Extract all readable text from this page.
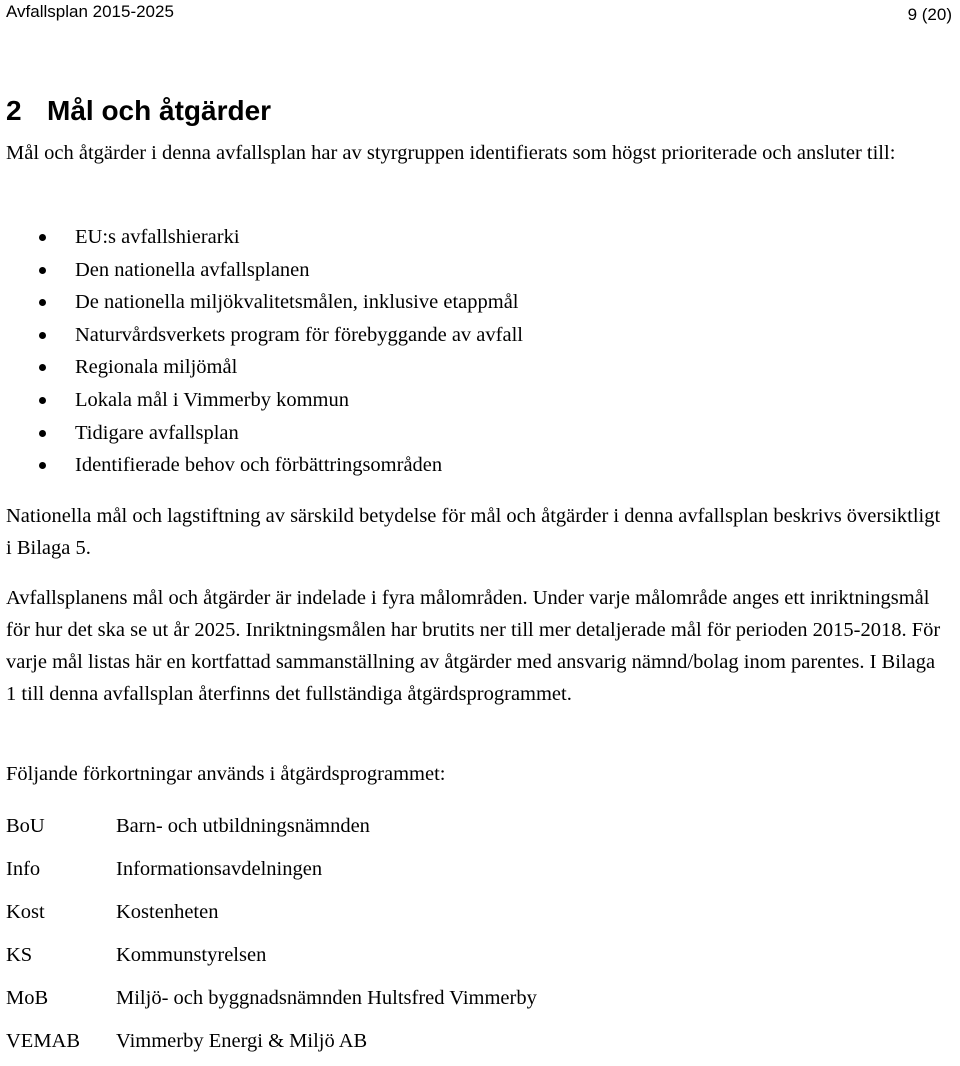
Avfallsplan 2015-2025	9 (20)
2 Mål och åtgärder

Mål och åtgärder i denna avfallsplan har av styrgruppen identifierats som högst prioriterade och ansluter till:

EU:s avfallshierarki
Den nationella avfallsplanen
De nationella miljökvalitetsmålen, inklusive etappmål
Naturvårdsverkets program för förebyggande av avfall
Regionala miljömål
Lokala mål i Vimmerby kommun
Tidigare avfallsplan
Identifierade behov och förbättringsområden

Nationella mål och lagstiftning av särskild betydelse för mål och åtgärder i denna avfallsplan beskrivs översiktligt i Bilaga 5.

Avfallsplanens mål och åtgärder är indelade i fyra målområden. Under varje målområde anges ett inriktningsmål för hur det ska se ut år 2025. Inriktningsmålen har brutits ner till mer detaljerade mål för perioden 2015-2018. För varje mål listas här en kortfattad sammanställning av åtgärder med ansvarig nämnd/bolag inom parentes. I Bilaga 1 till denna avfallsplan återfinns det fullständiga åtgärdsprogrammet.

Följande förkortningar används i åtgärdsprogrammet:

BoU	Barn- och utbildningsnämnden
Info	Informationsavdelningen
Kost	Kostenheten
KS	Kommunstyrelsen
MoB	Miljö- och byggnadsnämnden Hultsfred Vimmerby
VEMAB Vimmerby Energi & Miljö AB
